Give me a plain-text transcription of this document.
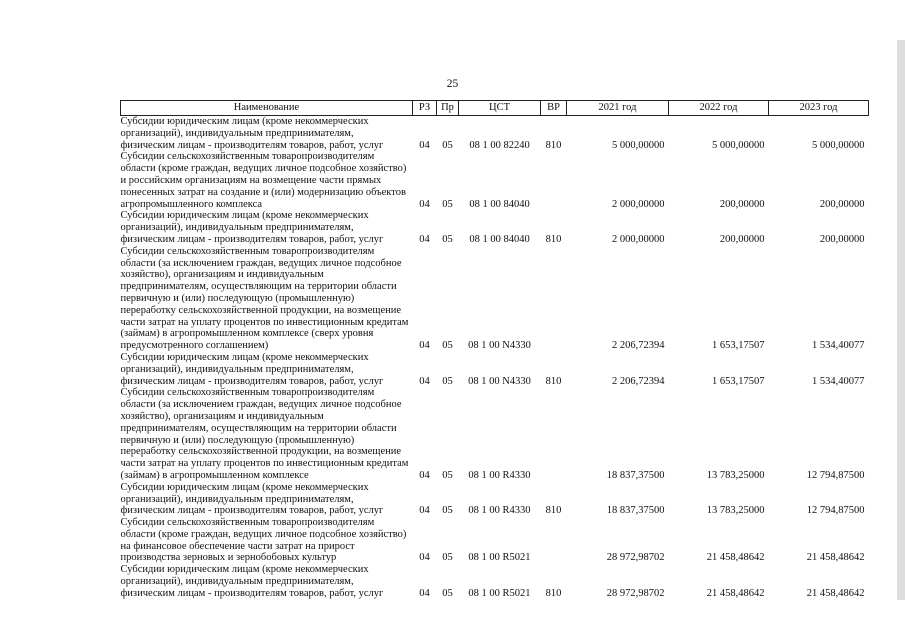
25
Наименование	РЗ	Пр	ЦСТ	ВР	2021 год	2022 год	2023 год
Субсидии юридическим лицам (кроме некоммерческих организаций), индивидуальным предпринимателям, физическим лицам - производителям товаров, работ, услуг	04	05	08 1 00 82240	810	5 000,00000	5 000,00000	5 000,00000
Субсидии сельскохозяйственным товаропроизводителям области (кроме граждан, ведущих личное подсобное хозяйство) и российским организациям на возмещение части прямых понесенных затрат на создание и (или) модернизацию объектов агропромышленного комплекса	04	05	08 1 00 84040		2 000,00000	200,00000	200,00000
Субсидии юридическим лицам (кроме некоммерческих организаций), индивидуальным предпринимателям, физическим лицам - производителям товаров, работ, услуг	04	05	08 1 00 84040	810	2 000,00000	200,00000	200,00000
Субсидии сельскохозяйственным товаропроизводителям области (за исключением граждан, ведущих личное подсобное хозяйство), организациям и индивидуальным предпринимателям, осуществляющим на территории области первичную и (или) последующую (промышленную) переработку сельскохозяйственной продукции, на возмещение части затрат на уплату процентов по инвестиционным кредитам (займам) в агропромышленном комплексе (сверх уровня предусмотренного соглашением)	04	05	08 1 00 N4330		2 206,72394	1 653,17507	1 534,40077
Субсидии юридическим лицам (кроме некоммерческих организаций), индивидуальным предпринимателям, физическим лицам - производителям товаров, работ, услуг	04	05	08 1 00 N4330	810	2 206,72394	1 653,17507	1 534,40077
Субсидии сельскохозяйственным товаропроизводителям области (за исключением граждан, ведущих личное подсобное хозяйство), организациям и индивидуальным предпринимателям, осуществляющим на территории области первичную и (или) последующую (промышленную) переработку сельскохозяйственной продукции, на возмещение части затрат на уплату процентов по инвестиционным кредитам (займам) в агропромышленном комплексе	04	05	08 1 00 R4330		18 837,37500	13 783,25000	12 794,87500
Субсидии юридическим лицам (кроме некоммерческих организаций), индивидуальным предпринимателям, физическим лицам - производителям товаров, работ, услуг	04	05	08 1 00 R4330	810	18 837,37500	13 783,25000	12 794,87500
Субсидии сельскохозяйственным товаропроизводителям области (кроме граждан, ведущих личное подсобное хозяйство) на финансовое обеспечение части затрат на прирост производства зерновых и зернобобовых культур	04	05	08 1 00 R5021		28 972,98702	21 458,48642	21 458,48642
Субсидии юридическим лицам (кроме некоммерческих организаций), индивидуальным предпринимателям, физическим лицам - производителям товаров, работ, услуг	04	05	08 1 00 R5021	810	28 972,98702	21 458,48642	21 458,48642
